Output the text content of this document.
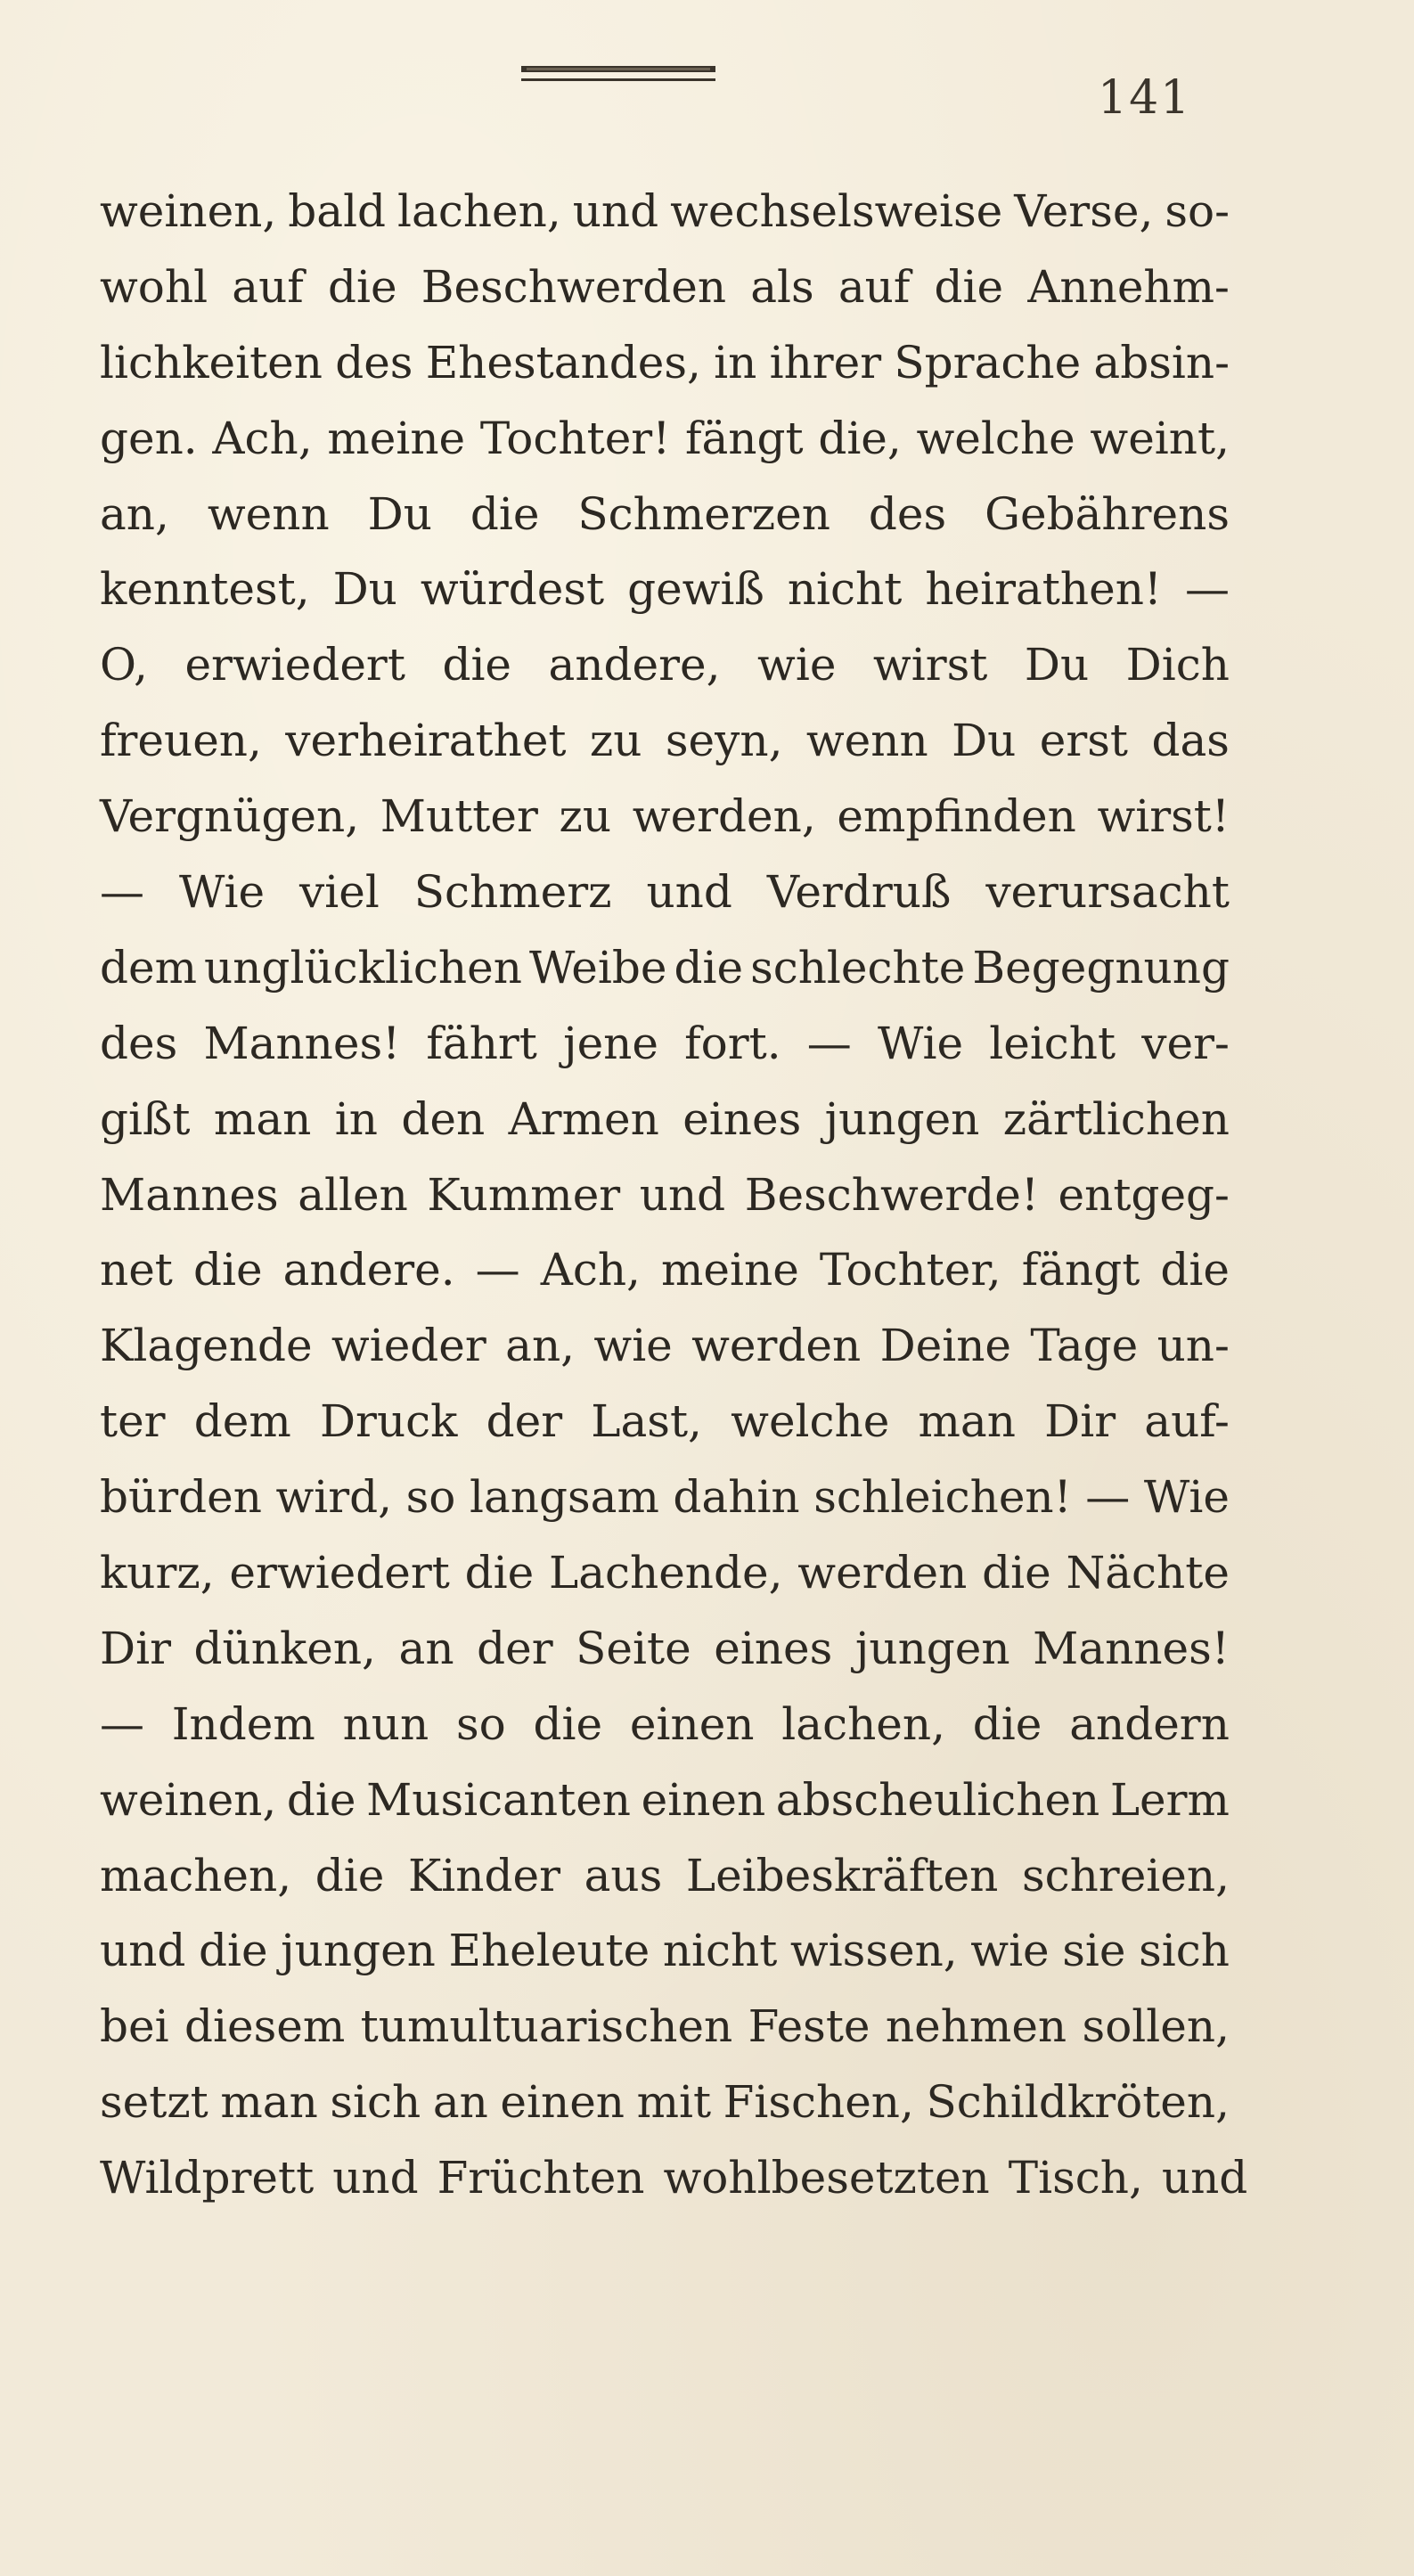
141
weinen, bald lachen, und wechselsweise Verse, so-
wohl auf die Beschwerden als auf die Annehm-
lichkeiten des Ehestandes, in ihrer Sprache absin-
gen. Ach, meine Tochter! fängt die, welche weint,
an, wenn Du die Schmerzen des Gebährens
kenntest, Du würdest gewiß nicht heirathen! —
O, erwiedert die andere, wie wirst Du Dich
freuen, verheirathet zu seyn, wenn Du erst das
Vergnügen, Mutter zu werden, empfinden wirst!
— Wie viel Schmerz und Verdruß verursacht
dem unglücklichen Weibe die schlechte Begegnung
des Mannes! fährt jene fort. — Wie leicht ver-
gißt man in den Armen eines jungen zärtlichen
Mannes allen Kummer und Beschwerde! entgeg-
net die andere. — Ach, meine Tochter, fängt die
Klagende wieder an, wie werden Deine Tage un-
ter dem Druck der Last, welche man Dir auf-
bürden wird, so langsam dahin schleichen! — Wie
kurz, erwiedert die Lachende, werden die Nächte
Dir dünken, an der Seite eines jungen Mannes!
— Indem nun so die einen lachen, die andern
weinen, die Musicanten einen abscheulichen Lerm
machen, die Kinder aus Leibeskräften schreien,
und die jungen Eheleute nicht wissen, wie sie sich
bei diesem tumultuarischen Feste nehmen sollen,
setzt man sich an einen mit Fischen, Schildkröten,
Wildprett und Früchten wohlbesetzten Tisch, und
